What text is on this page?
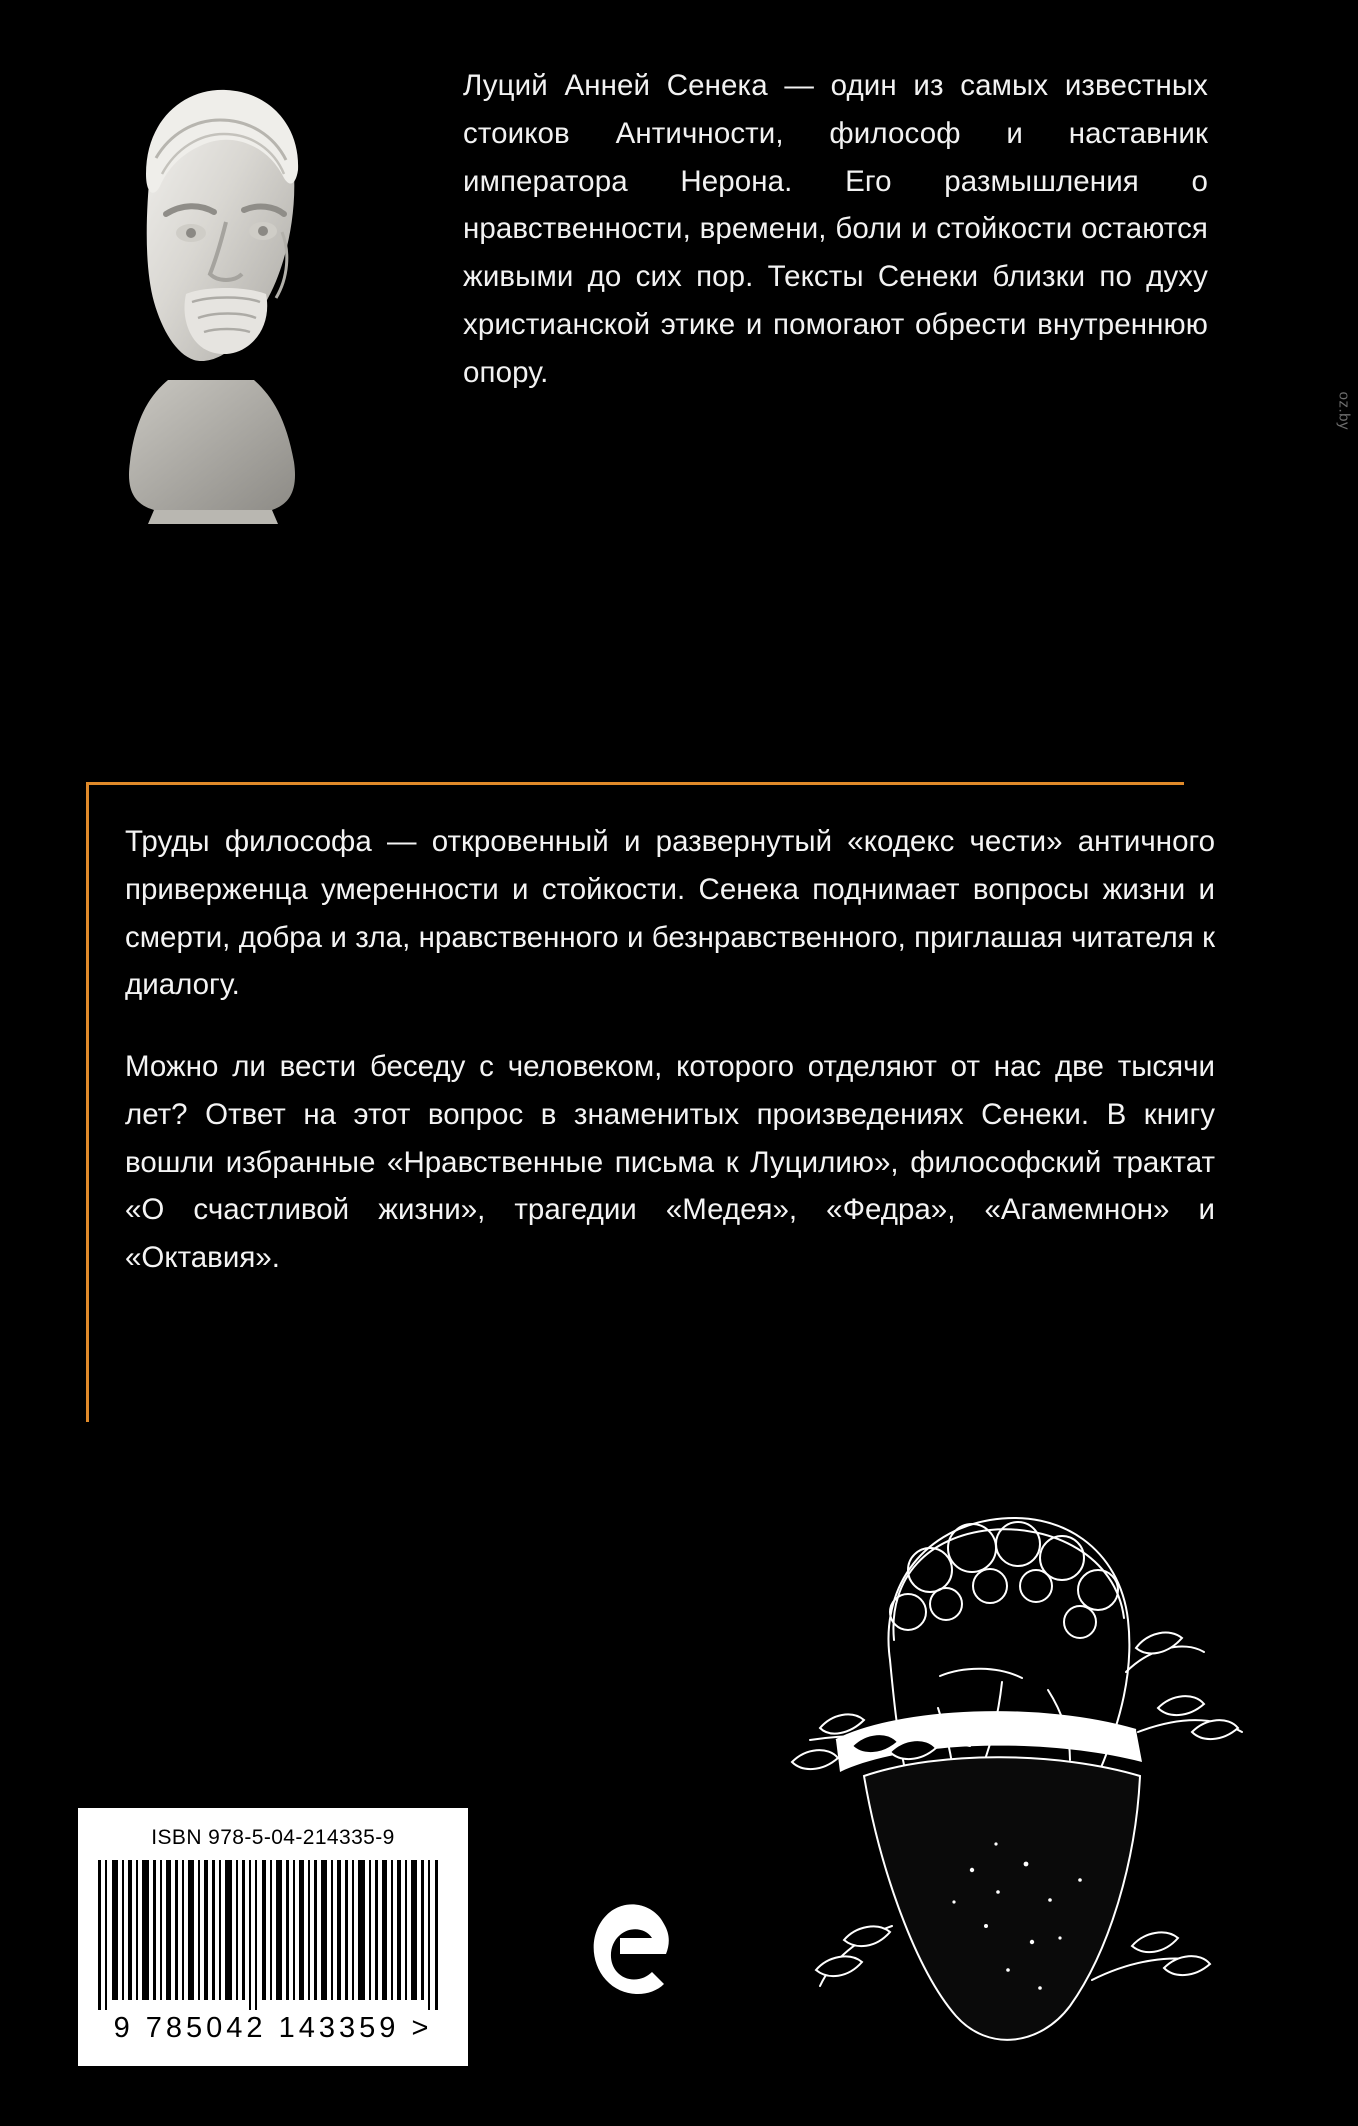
Луций Анней Сенека — один из самых известных стоиков Античности, философ и наставник императора Нерона. Его размышления о нравственности, времени, боли и стойкости остаются живыми до сих пор. Тексты Сенеки близки по духу христианской этике и помогают обрести внутреннюю опору.

Труды философа — откровенный и развернутый «кодекс чести» античного приверженца умеренности и стойкости. Сенека поднимает вопросы жизни и смерти, добра и зла, нравственного и безнравственного, приглашая читателя к диалогу.

Можно ли вести беседу с человеком, которого отделяют от нас две тысячи лет? Ответ на этот вопрос в знаменитых произведениях Сенеки. В книгу вошли избранные «Нравственные письма к Луцилию», философский трактат «О счастливой жизни», трагедии «Медея», «Федра», «Агамемнон» и «Октавия».

ISBN 978-5-04-214335-9
9 785042 143359 >
oz.by
